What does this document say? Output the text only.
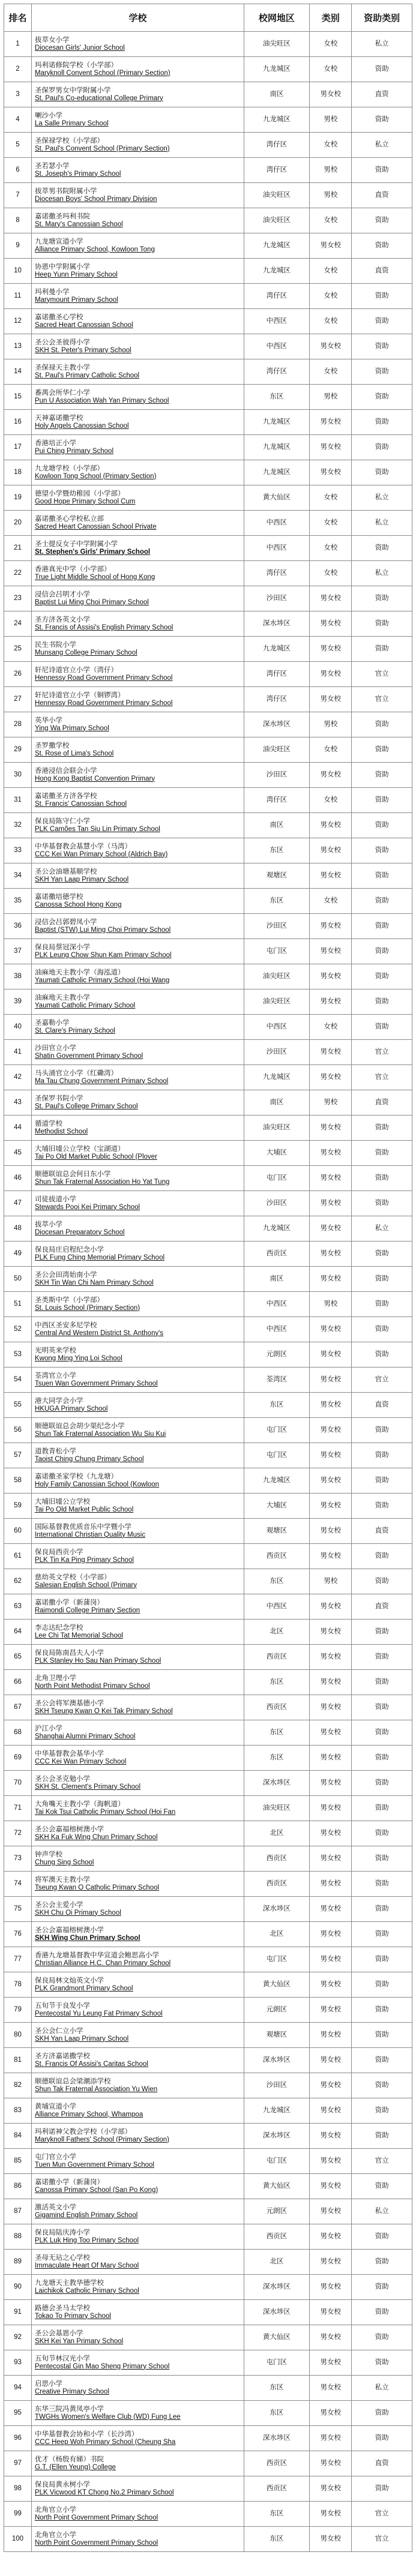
排名	学校	校网地区	类别	资助类别
1	拔萃女小学
Diocesan Girls' Junior School	油尖旺区	女校	私立
2	玛利诺修院学校（小学部）
Maryknoll Convent School (Primary Section)	九龙城区	女校	资助
3	圣保罗男女中学附属小学
St. Paul's Co-educational College Primary	南区	男女校	直资
4	喇沙小学
La Salle Primary School	九龙城区	男校	资助
5	圣保禄学校（小学部）
St. Paul's Convent School (Primary Section)	湾仔区	女校	私立
6	圣若瑟小学
St. Joseph's Primary School	湾仔区	男校	资助
7	拔萃男书院附属小学
Diocesan Boys' School Primary Division	油尖旺区	男校	直资
8	嘉诺撒圣玛利书院
St. Mary's Canossian School	油尖旺区	女校	资助
9	九龙塘宣道小学
Alliance Primary School, Kowloon Tong	九龙城区	男女校	资助
10	协恩中学附属小学
Heep Yunn Primary School	九龙城区	女校	直资
11	玛利曼小学
Marymount Primary School	湾仔区	女校	资助
12	嘉诺撒圣心学校
Sacred Heart Canossian School	中西区	女校	资助
13	圣公会圣彼得小学
SKH St. Peter's Primary School	中西区	男女校	资助
14	圣保禄天主教小学
St. Paul's Primary Catholic School	湾仔区	女校	资助
15	番禺会所华仁小学
Pun U Association Wah Yan Primary School	东区	男校	资助
16	天神嘉诺撒学校
Holy Angels Canossian School	九龙城区	男女校	资助
17	香港培正小学
Pui Ching Primary School	九龙城区	男女校	资助
18	九龙塘学校（小学部）
Kowloon Tong School (Primary Section)	九龙城区	男女校	资助
19	德望小学暨幼稚园（小学部）
Good Hope Primary School Cum	黄大仙区	女校	私立
20	嘉诺撒圣心学校私立部
Sacred Heart Canossian School Private	中西区	女校	私立
21	圣士提反女子中学附属小学
St. Stephen's Girls' Primary School	中西区	女校	资助
22	香港真光中学（小学部）
True Light Middle School of Hong Kong	湾仔区	女校	私立
23	浸信会吕明才小学
Baptist Lui Ming Choi Primary School	沙田区	男女校	资助
24	圣方济各英文小学
St. Francis of Assisi's English Primary School	深水埗区	男女校	资助
25	民生书院小学
Munsang College Primary School	九龙城区	男女校	资助
26	轩尼诗道官立小学（湾仔）
Hennessy Road Government Primary School	湾仔区	男女校	官立
27	轩尼诗道官立小学（铜锣湾）
Hennessy Road Government Primary School	湾仔区	男女校	官立
28	英华小学
Ying Wa Primary School	深水埗区	男校	资助
29	圣罗撒学校
St. Rose of Lima's School	油尖旺区	女校	资助
30	香港浸信会联会小学
Hong Kong Baptist Convention Primary	沙田区	男女校	资助
31	嘉诺撒圣方济各学校
St. Francis' Canossian School	湾仔区	女校	资助
32	保良局陈守仁小学
PLK Camões Tan Siu Lin Primary School	南区	男女校	资助
33	中华基督教会基慧小学（马湾）
CCC Kei Wan Primary School (Aldrich Bay)	东区	男女校	资助
34	圣公会油塘基顺学校
SKH Yan Laap Primary School	观塘区	男女校	资助
35	嘉诺撒培德学校
Canossa School Hong Kong	东区	女校	资助
36	浸信会吕郭碧凤小学
Baptist (STW) Lui Ming Choi Primary School	沙田区	男女校	资助
37	保良局蔡冠深小学
PLK Leung Chow Shun Kam Primary School	屯门区	男女校	资助
38	油麻地天主教小学（海泓道）
Yaumati Catholic Primary School (Hoi Wang	油尖旺区	男女校	资助
39	油麻地天主教小学
Yaumati Catholic Primary School	油尖旺区	男女校	资助
40	圣嘉勒小学
St. Clare's Primary School	中西区	女校	资助
41	沙田官立小学
Shatin Government Primary School	沙田区	男女校	官立
42	马头涌官立小学（红磡湾）
Ma Tau Chung Government Primary School	九龙城区	男女校	官立
43	圣保罗书院小学
St. Paul's College Primary School	南区	男校	直资
44	循道学校
Methodist School	油尖旺区	男女校	资助
45	大埔旧墟公立学校（宝湖道）
Tai Po Old Market Public School (Plover	大埔区	男女校	资助
46	顺德联谊总会何日东小学
Shun Tak Fraternal Association Ho Yat Tung	屯门区	男女校	资助
47	司徒拔道小学
Stewards Pooi Kei Primary School	沙田区	男女校	资助
48	拔萃小学
Diocesan Preparatory School	九龙城区	男女校	私立
49	保良局庄启程纪念小学
PLK Fung Ching Memorial Primary School	西贡区	男女校	资助
50	圣公会田湾始南小学
SKH Tin Wan Chi Nam Primary School	南区	男女校	资助
51	圣类斯中学（小学部）
St. Louis School (Primary Section)	中西区	男校	资助
52	中西区圣安多尼学校
Central And Western District St. Anthony's	中西区	男女校	资助
53	光明英来学校
Kwong Ming Ying Loi School	元朗区	男女校	资助
54	荃湾官立小学
Tsuen Wan Government Primary School	荃湾区	男女校	官立
55	港大同学会小学
HKUGA Primary School	东区	男女校	直资
56	顺德联谊总会胡少渠纪念小学
Shun Tak Fraternal Association Wu Siu Kui	屯门区	男女校	资助
57	道教青松小学
Taoist Ching Chung Primary School	屯门区	男女校	资助
58	嘉诺撒圣家学校（九龙塘）
Holy Family Canossian School (Kowloon	九龙城区	男女校	资助
59	大埔旧墟公立学校
Tai Po Old Market Public School	大埔区	男女校	资助
60	国际基督教优质音乐中学暨小学
International Christian Quality Music	观塘区	男女校	直资
61	保良局西贡小学
PLK Tin Ka Ping Primary School	西贡区	男女校	资助
62	慈幼英文学校（小学部）
Salesian English School (Primary	东区	男校	资助
63	嘉诺撒小学（新蒲岗）
Raimondi College Primary Section	中西区	男女校	直资
64	李志达纪念学校
Lee Chi Tat Memorial School	北区	男女校	资助
65	保良局陈南昌夫人小学
PLK Stanley Ho Sau Nan Primary School	西贡区	男女校	资助
66	北角卫理小学
North Point Methodist Primary School	东区	男女校	资助
67	圣公会将军澳基德小学
SKH Tseung Kwan O Kei Tak Primary School	西贡区	男女校	资助
68	沪江小学
Shanghai Alumni Primary School	东区	男女校	资助
69	中华基督教会基华小学
CCC Kei Wan Primary School	东区	男女校	资助
70	圣公会圣克勉小学
SKH St. Clement's Primary School	深水埗区	男女校	资助
71	大角嘴天主教小学（海帆道）
Tai Kok Tsui Catholic Primary School (Hoi Fan	油尖旺区	男女校	资助
72	圣公会嘉福榕树澳小学
SKH Ka Fuk Wing Chun Primary School	北区	男女校	资助
73	钟声学校
Chung Sing School	西贡区	男女校	资助
74	将军澳天主教小学
Tseung Kwan O Catholic Primary School	西贡区	男女校	资助
75	圣公会主爱小学
SKH Chu Oi Primary School	深水埗区	男女校	资助
76	圣公会嘉福榕树澳小学
SKH Wing Chun Primary School	北区	男女校	资助
77	香港九龙塘基督教中华宣道会鲍思高小学
Christian Alliance H.C. Chan Primary School	屯门区	男女校	资助
78	保良局林文灿英文小学
PLK Grandmont Primary School	黄大仙区	男女校	资助
79	五旬节于良发小学
Pentecostal Yu Leung Fat Primary School	元朗区	男女校	资助
80	圣公会仁立小学
SKH Yan Laap Primary School	观塘区	男女校	资助
81	圣方济嘉诺撒学校
St. Francis Of Assisi's Caritas School	深水埗区	男女校	资助
82	顺德联谊总会梁潮添学校
Shun Tak Fraternal Association Yu Wien	沙田区	男女校	资助
83	黄埔宣道小学
Alliance Primary School, Whampoa	九龙城区	男女校	资助
84	玛利诺神父教会学校（小学部）
Maryknoll Fathers' School (Primary Section)	深水埗区	男女校	资助
85	屯门官立小学
Tuen Mun Government Primary School	屯门区	男女校	官立
86	嘉诺撒小学（新蒲岗）
Canossa Primary School (San Po Kong)	黄大仙区	男女校	资助
87	激活英文小学
Gigamind English Primary School	元朗区	男女校	私立
88	保良局陆庆涛小学
PLK Luk Hing Too Primary School	西贡区	男女校	资助
89	圣母无玷之心学校
Immaculate Heart Of Mary School	北区	男女校	资助
90	九龙塘天主教华德学校
Laichikok Catholic Primary School	深水埗区	男女校	资助
91	路德会圣马太学校
Tokao To Primary School	深水埗区	男女校	资助
92	圣公会基恩小学
SKH Kei Yan Primary School	黄大仙区	男女校	资助
93	五旬节林汉光小学
Pentecostal Gin Mao Sheng Primary School	屯门区	男女校	资助
94	启思小学
Creative Primary School	东区	男女校	私立
95	东华三院冯黄凤亭小学
TWGHs Women's Welfare Club (WD) Fung Lee	东区	男女校	资助
96	中华基督教会协和小学（长沙湾）
CCC Heep Woh Primary School (Cheung Sha	深水埗区	男女校	资助
97	优才（杨殷有娣）书院
G.T. (Ellen Yeung) College	西贡区	男女校	直资
98	保良局黄永树小学
PLK Vicwood KT Chong No.2 Primary School	西贡区	男女校	资助
99	北角官立小学
North Point Government Primary School	东区	男女校	官立
100	北角官立小学
North Point Government Primary School	东区	男女校	官立
